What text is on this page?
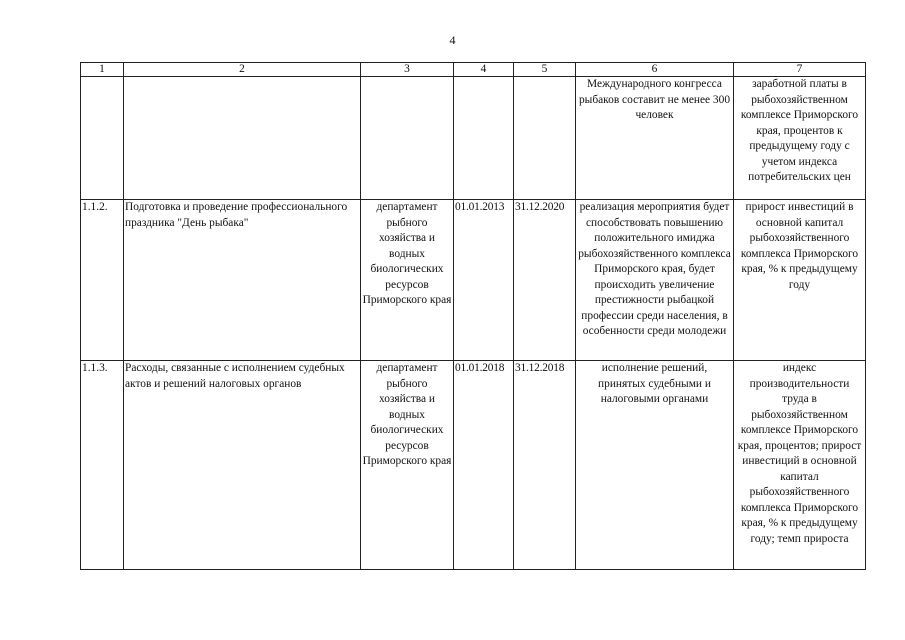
4
1	2	3	4	5	6	7
					Международного конгресса рыбаков составит не менее 300 человек	заработной платы в рыбохозяйственном комплексе Приморского края, процентов к предыдущему году с учетом индекса потребительских цен
1.1.2.	Подготовка и проведение профессионального праздника "День рыбака"	департамент рыбного хозяйства и водных биологических ресурсов Приморского края	01.01.2013	31.12.2020	реализация мероприятия будет способствовать повышению положительного имиджа рыбохозяйственного комплекса Приморского края, будет происходить увеличение престижности рыбацкой профессии среди населения, в особенности среди молодежи	прирост инвестиций в основной капитал рыбохозяйственного комплекса Приморского края, % к предыдущему году
1.1.3.	Расходы, связанные с исполнением судебных актов и решений налоговых органов	департамент рыбного хозяйства и водных биологических ресурсов Приморского края	01.01.2018	31.12.2018	исполнение решений, принятых судебными и налоговыми органами	индекс производительности труда в рыбохозяйственном комплексе Приморского края, процентов; прирост инвестиций в основной капитал рыбохозяйственного комплекса Приморского края, % к предыдущему году; темп прироста
